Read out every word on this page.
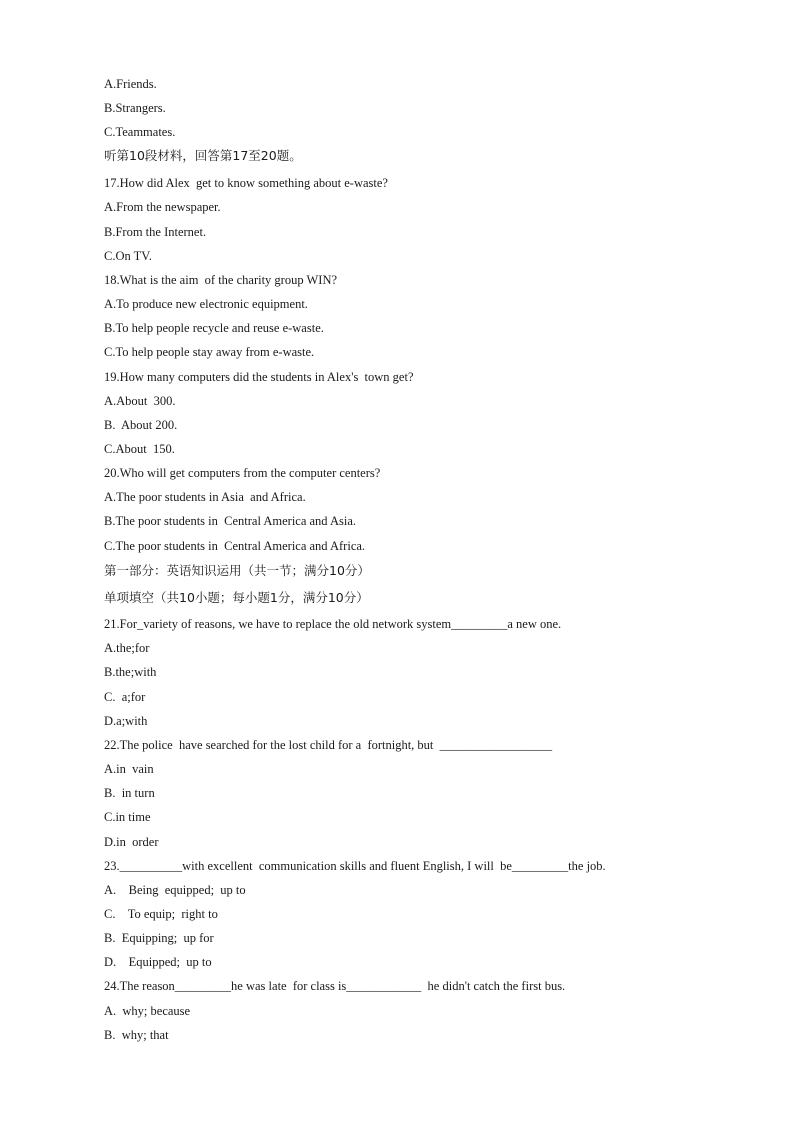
A.Friends.
B.Strangers.
C.Teammates.
听第10段材料，回答第17至20题。
17.How did Alex  get to know something about e-waste?
A.From the newspaper.
B.From the Internet.
C.On TV.
18.What is the aim  of the charity group WIN?
A.To produce new electronic equipment.
B.To help people recycle and reuse e-waste.
C.To help people stay away from e-waste.
19.How many computers did the students in Alex's  town get?
A.About  300.
B.  About 200.
C.About  150.
20.Who will get computers from the computer centers?
A.The poor students in Asia  and Africa.
B.The poor students in  Central America and Asia.
C.The poor students in  Central America and Africa.
第一部分：英语知识运用（共一节；满分10分）
单项填空（共10小题；每小题1分，满分10分）
21.For_variety of reasons, we have to replace the old network system_________a new one.
A.the;for
B.the;with
C.  a;for
D.a;with
22.The police  have searched for the lost child for a  fortnight, but  __________________
A.in  vain
B.  in turn
C.in time
D.in  order
23.__________with excellent  communication skills and fluent English, I will  be_________the job.
A.    Being  equipped;  up to
C.    To equip;  right to
B.  Equipping;  up for
D.    Equipped;  up to
24.The reason_________he was late  for class is____________  he didn't catch the first bus.
A.  why; because
B.  why; that
